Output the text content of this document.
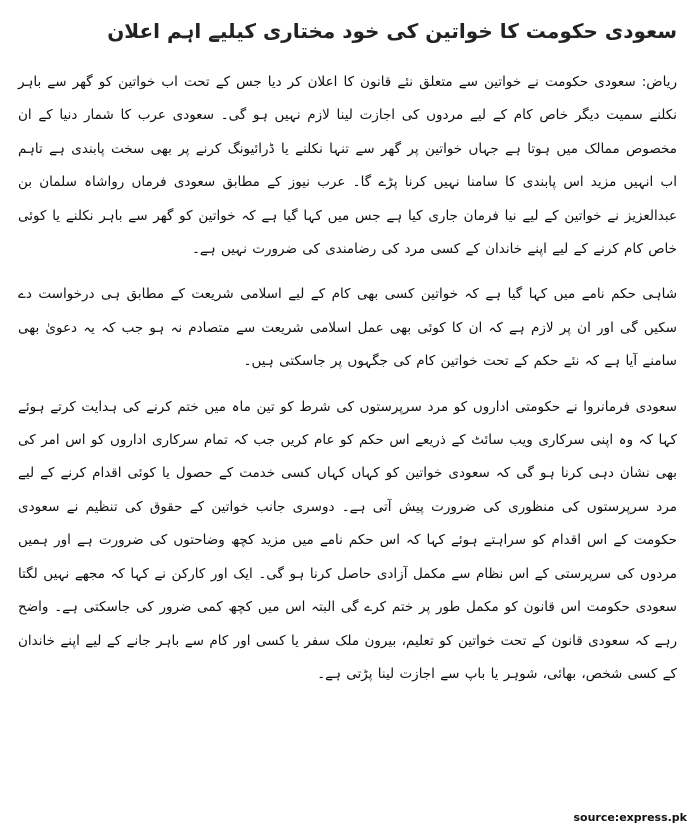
سعودی حکومت کا خواتین کی خود مختاری کیلیے اہم اعلان

ریاض: سعودی حکومت نے خواتین سے متعلق نئے قانون کا اعلان کر دیا جس کے تحت اب خواتین کو گھر سے باہر نکلنے سمیت دیگر خاص کام کے لیے مردوں کی اجازت لینا لازم نہیں ہو گی۔ سعودی عرب کا شمار دنیا کے ان مخصوص ممالک میں ہوتا ہے جہاں خواتین پر گھر سے تنہا نکلنے یا ڈرائیونگ کرنے پر بھی سخت پابندی ہے تاہم اب انہیں مزید اس پابندی کا سامنا نہیں کرنا پڑے گا۔ عرب نیوز کے مطابق سعودی فرماں رواشاہ سلمان بن عبدالعزیز نے خواتین کے لیے نیا فرمان جاری کیا ہے جس میں کہا گیا ہے کہ خواتین کو گھر سے باہر نکلنے یا کوئی خاص کام کرنے کے لیے اپنے خاندان کے کسی مرد کی رضامندی کی ضرورت نہیں ہے۔

شاہی حکم نامے میں کہا گیا ہے کہ خواتین کسی بھی کام کے لیے اسلامی شریعت کے مطابق ہی درخواست دے سکیں گی اور ان پر لازم ہے کہ ان کا کوئی بھی عمل اسلامی شریعت سے متصادم نہ ہو جب کہ یہ دعویٰ بھی سامنے آیا ہے کہ نئے حکم کے تحت خواتین کام کی جگہوں پر جاسکتی ہیں۔

سعودی فرمانروا نے حکومتی اداروں کو مرد سرپرستوں کی شرط کو تین ماہ میں ختم کرنے کی ہدایت کرتے ہوئے کہا کہ وہ اپنی سرکاری ویب سائٹ کے ذریعے اس حکم کو عام کریں جب کہ تمام سرکاری اداروں کو اس امر کی بھی نشان دہی کرنا ہو گی کہ سعودی خواتین کو کہاں کہاں کسی خدمت کے حصول یا کوئی اقدام کرنے کے لیے مرد سرپرستوں کی منظوری کی ضرورت پیش آتی ہے۔ دوسری جانب خواتین کے حقوق کی تنظیم نے سعودی حکومت کے اس اقدام کو سراہتے ہوئے کہا کہ اس حکم نامے میں مزید کچھ وضاحتوں کی ضرورت ہے اور ہمیں مردوں کی سرپرستی کے اس نظام سے مکمل آزادی حاصل کرنا ہو گی۔ ایک اور کارکن نے کہا کہ مجھے نہیں لگتا سعودی حکومت اس قانون کو مکمل طور پر ختم کرے گی البتہ اس میں کچھ کمی ضرور کی جاسکتی ہے۔ واضح رہے کہ سعودی قانون کے تحت خواتین کو تعلیم، بیرون ملک سفر یا کسی اور کام سے باہر جانے کے لیے اپنے خاندان کے کسی شخص، بھائی، شوہر یا باپ سے اجازت لینا پڑتی ہے۔

source:express.pk
